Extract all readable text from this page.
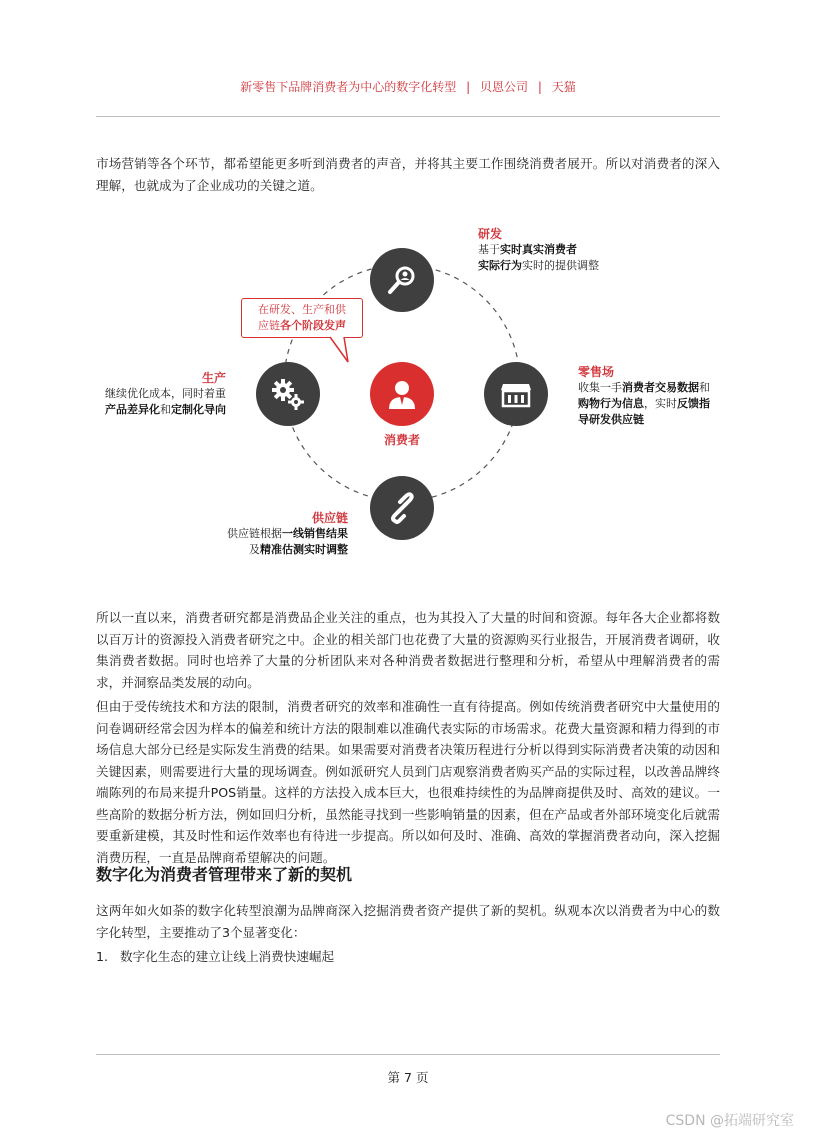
新零售下品牌消费者为中心的数字化转型 | 贝恩公司 | 天猫

市场营销等各个环节，都希望能更多听到消费者的声音，并将其主要工作围绕消费者展开。所以对消费者的深入理解，也就成为了企业成功的关键之道。

在研发、生产和供
应链各个阶段发声
研发
基于实时真实消费者
实际行为实时的提供调整
生产
继续优化成本，同时着重
产品差异化和定制化导向
消费者
零售场
收集一手消费者交易数据和
购物行为信息，实时反馈指
导研发供应链
供应链
供应链根据一线销售结果
及精准估测实时调整

所以一直以来，消费者研究都是消费品企业关注的重点，也为其投入了大量的时间和资源。每年各大企业都将数以百万计的资源投入消费者研究之中。企业的相关部门也花费了大量的资源购买行业报告，开展消费者调研，收集消费者数据。同时也培养了大量的分析团队来对各种消费者数据进行整理和分析，希望从中理解消费者的需求，并洞察品类发展的动向。

但由于受传统技术和方法的限制，消费者研究的效率和准确性一直有待提高。例如传统消费者研究中大量使用的问卷调研经常会因为样本的偏差和统计方法的限制难以准确代表实际的市场需求。花费大量资源和精力得到的市场信息大部分已经是实际发生消费的结果。如果需要对消费者决策历程进行分析以得到实际消费者决策的动因和关键因素，则需要进行大量的现场调查。例如派研究人员到门店观察消费者购买产品的实际过程，以改善品牌终端陈列的布局来提升POS销量。这样的方法投入成本巨大，也很难持续性的为品牌商提供及时、高效的建议。一些高阶的数据分析方法，例如回归分析，虽然能寻找到一些影响销量的因素，但在产品或者外部环境变化后就需要重新建模，其及时性和运作效率也有待进一步提高。所以如何及时、准确、高效的掌握消费者动向，深入挖掘消费历程，一直是品牌商希望解决的问题。

数字化为消费者管理带来了新的契机

这两年如火如荼的数字化转型浪潮为品牌商深入挖掘消费者资产提供了新的契机。纵观本次以消费者为中心的数字化转型，主要推动了3个显著变化：

1. 数字化生态的建立让线上消费快速崛起
第 7 页
CSDN @拓端研究室
